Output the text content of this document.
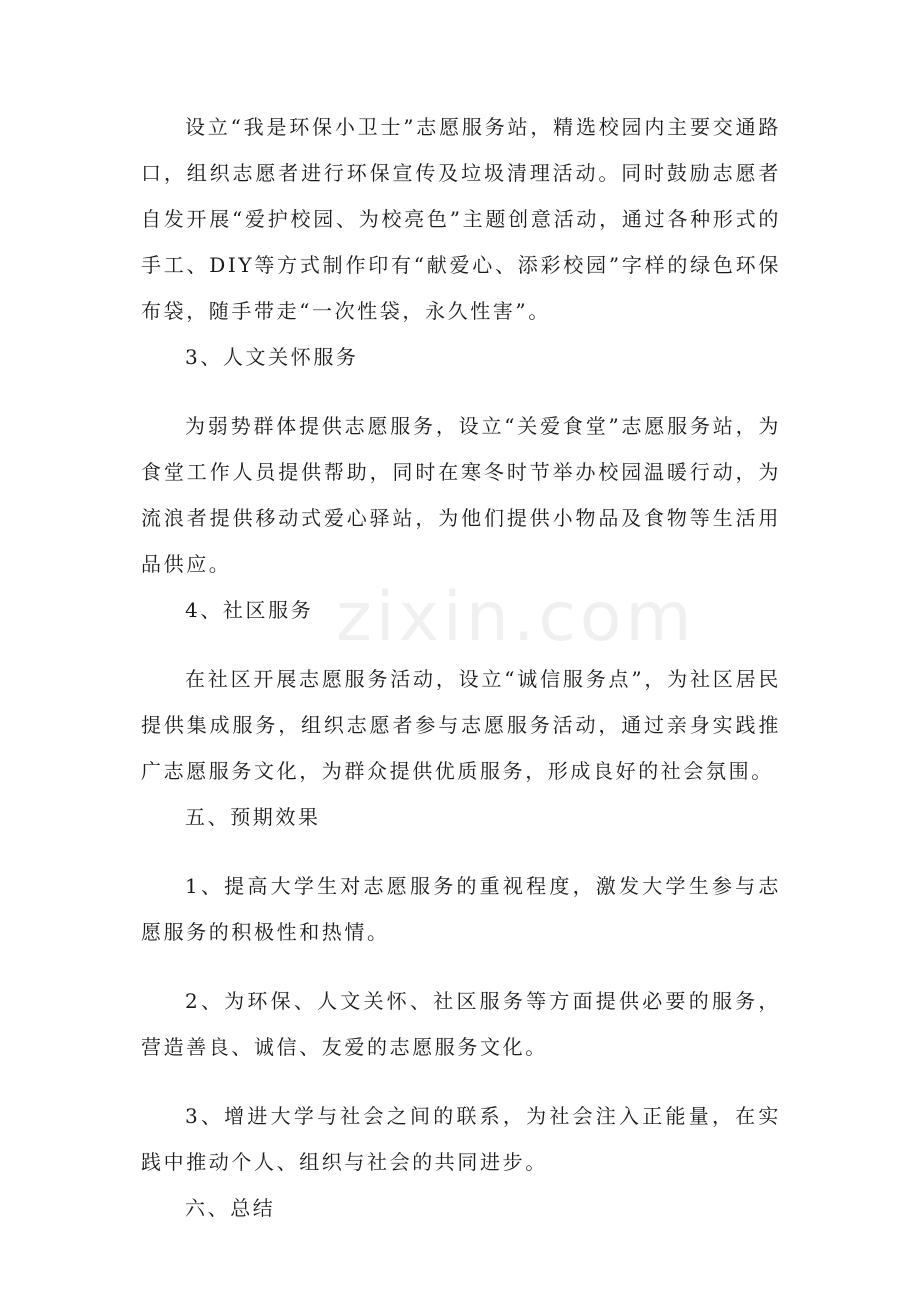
设立“我是环保小卫士”志愿服务站，精选校园内主要交通路口，组织志愿者进行环保宣传及垃圾清理活动。同时鼓励志愿者自发开展“爱护校园、为校亮色”主题创意活动，通过各种形式的手工、DIY等方式制作印有“献爱心、添彩校园”字样的绿色环保布袋，随手带走“一次性袋，永久性害”。

3、人文关怀服务

为弱势群体提供志愿服务，设立“关爱食堂”志愿服务站，为食堂工作人员提供帮助，同时在寒冬时节举办校园温暖行动，为流浪者提供移动式爱心驿站，为他们提供小物品及食物等生活用品供应。

4、社区服务

在社区开展志愿服务活动，设立“诚信服务点”，为社区居民提供集成服务，组织志愿者参与志愿服务活动，通过亲身实践推广志愿服务文化，为群众提供优质服务，形成良好的社会氛围。

五、预期效果

1、提高大学生对志愿服务的重视程度，激发大学生参与志愿服务的积极性和热情。

2、为环保、人文关怀、社区服务等方面提供必要的服务，营造善良、诚信、友爱的志愿服务文化。

3、增进大学与社会之间的联系，为社会注入正能量，在实践中推动个人、组织与社会的共同进步。

六、总结

zixin.com
